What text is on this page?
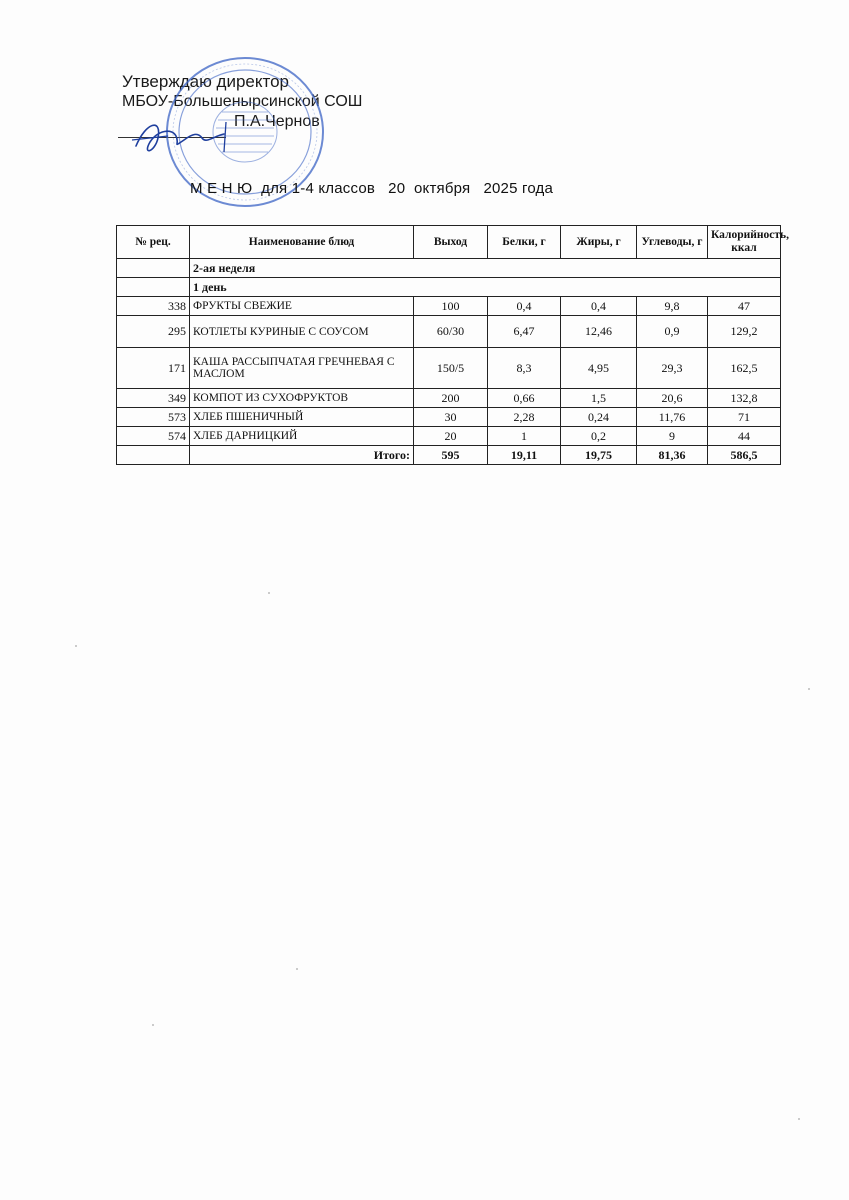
Утверждаю директор
МБОУ-Большенырсинской СОШ
П.А.Чернов
М Е Н Ю  для 1-4 классов   20  октября   2025 года
№ рец.	Наименование блюд	Выход	Белки, г	Жиры, г	Углеводы, г	Калорийность, ккал
	2-ая неделя					
	1 день					
338	ФРУКТЫ СВЕЖИЕ	100	0,4	0,4	9,8	47
295	КОТЛЕТЫ КУРИНЫЕ С СОУСОМ	60/30	6,47	12,46	0,9	129,2
171	КАША РАССЫПЧАТАЯ ГРЕЧНЕВАЯ С МАСЛОМ	150/5	8,3	4,95	29,3	162,5
349	КОМПОТ ИЗ СУХОФРУКТОВ	200	0,66	1,5	20,6	132,8
573	ХЛЕБ ПШЕНИЧНЫЙ	30	2,28	0,24	11,76	71
574	ХЛЕБ ДАРНИЦКИЙ	20	1	0,2	9	44
	Итого:	595	19,11	19,75	81,36	586,5
